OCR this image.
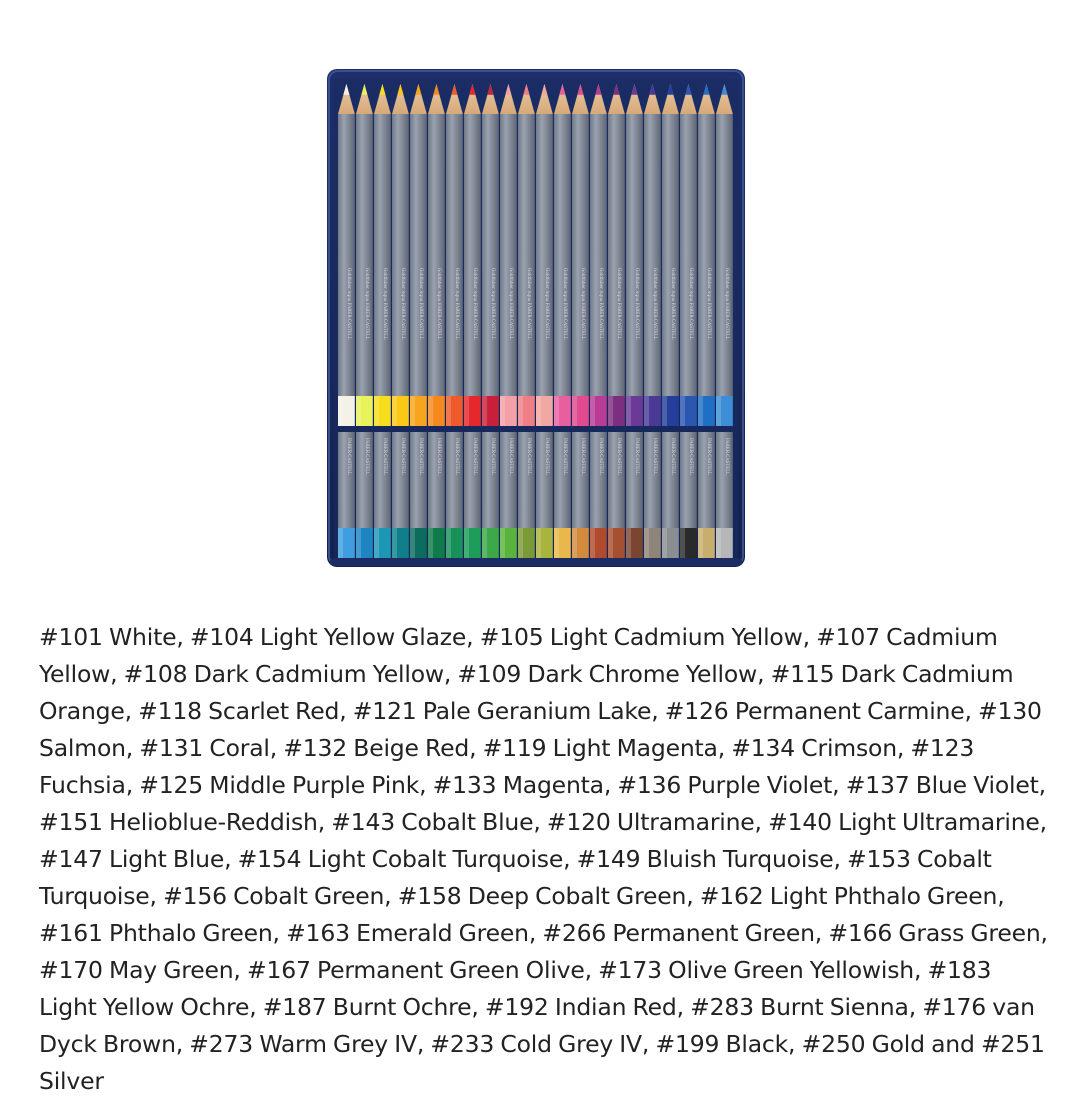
Goldfaber Aqua FABER-CASTELL	Goldfaber Aqua FABER-CASTELL	Goldfaber Aqua FABER-CASTELL	Goldfaber Aqua FABER-CASTELL	Goldfaber Aqua FABER-CASTELL	Goldfaber Aqua FABER-CASTELL	Goldfaber Aqua FABER-CASTELL	Goldfaber Aqua FABER-CASTELL	Goldfaber Aqua FABER-CASTELL	Goldfaber Aqua FABER-CASTELL	Goldfaber Aqua FABER-CASTELL	Goldfaber Aqua FABER-CASTELL	Goldfaber Aqua FABER-CASTELL	Goldfaber Aqua FABER-CASTELL	Goldfaber Aqua FABER-CASTELL	Goldfaber Aqua FABER-CASTELL	Goldfaber Aqua FABER-CASTELL	Goldfaber Aqua FABER-CASTELL	Goldfaber Aqua FABER-CASTELL	Goldfaber Aqua FABER-CASTELL	Goldfaber Aqua FABER-CASTELL	Goldfaber Aqua FABER-CASTELL
FABER-CASTELL	FABER-CASTELL	FABER-CASTELL	FABER-CASTELL	FABER-CASTELL	FABER-CASTELL	FABER-CASTELL	FABER-CASTELL	FABER-CASTELL	FABER-CASTELL	FABER-CASTELL	FABER-CASTELL	FABER-CASTELL	FABER-CASTELL	FABER-CASTELL	FABER-CASTELL	FABER-CASTELL	FABER-CASTELL	FABER-CASTELL	FABER-CASTELL	FABER-CASTELL	FABER-CASTELL
#101 White, #104 Light Yellow Glaze, #105 Light Cadmium Yellow, #107 Cadmium Yellow, #108 Dark Cadmium Yellow, #109 Dark Chrome Yellow, #115 Dark Cadmium Orange, #118 Scarlet Red, #121 Pale Geranium Lake, #126 Permanent Carmine, #130 Salmon, #131 Coral, #132 Beige Red, #119 Light Magenta, #134 Crimson, #123 Fuchsia, #125 Middle Purple Pink, #133 Magenta, #136 Purple Violet, #137 Blue Violet, #151 Helioblue-Reddish, #143 Cobalt Blue, #120 Ultramarine, #140 Light Ultramarine, #147 Light Blue, #154 Light Cobalt Turquoise, #149 Bluish Turquoise, #153 Cobalt Turquoise, #156 Cobalt Green, #158 Deep Cobalt Green, #162 Light Phthalo Green, #161 Phthalo Green, #163 Emerald Green, #266 Permanent Green, #166 Grass Green, #170 May Green, #167 Permanent Green Olive, #173 Olive Green Yellowish, #183 Light Yellow Ochre, #187 Burnt Ochre, #192 Indian Red, #283 Burnt Sienna, #176 van Dyck Brown, #273 Warm Grey IV, #233 Cold Grey IV, #199 Black, #250 Gold and #251 Silver
